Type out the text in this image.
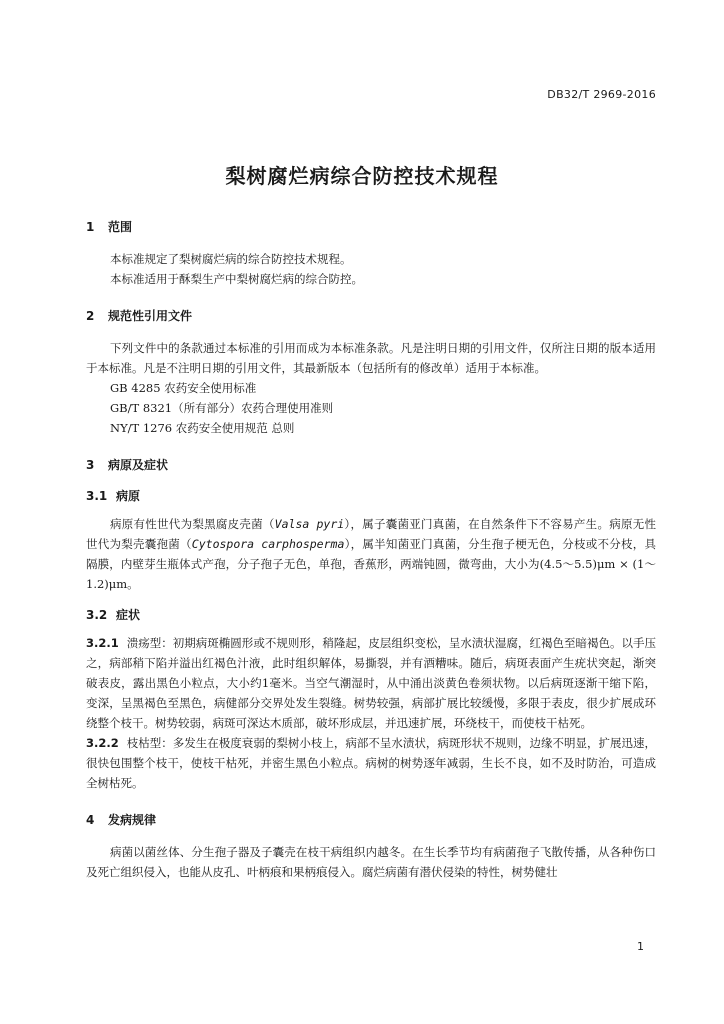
DB32/T 2969-2016
梨树腐烂病综合防控技术规程
1 范围

本标准规定了梨树腐烂病的综合防控技术规程。

本标准适用于酥梨生产中梨树腐烂病的综合防控。

2 规范性引用文件

下列文件中的条款通过本标准的引用而成为本标准条款。凡是注明日期的引用文件，仅所注日期的版本适用于本标准。凡是不注明日期的引用文件，其最新版本（包括所有的修改单）适用于本标准。

GB 4285 农药安全使用标准

GB/T 8321（所有部分）农药合理使用准则

NY/T 1276 农药安全使用规范 总则

3 病原及症状
3.1 病原

病原有性世代为梨黑腐皮壳菌（Valsa pyri），属子囊菌亚门真菌，在自然条件下不容易产生。病原无性世代为梨壳囊孢菌（Cytospora carphosperma），属半知菌亚门真菌，分生孢子梗无色，分枝或不分枝，具隔膜，内壁芽生瓶体式产孢，分子孢子无色，单孢，香蕉形，两端钝圆，微弯曲，大小为(4.5～5.5)μm × (1～1.2)μm。

3.2 症状

3.2.1 溃疡型：初期病斑椭圆形或不规则形，稍隆起，皮层组织变松，呈水渍状湿腐，红褐色至暗褐色。以手压之，病部稍下陷并溢出红褐色汁液，此时组织解体，易撕裂，并有酒糟味。随后，病斑表面产生疣状突起，渐突破表皮，露出黑色小粒点，大小约1毫米。当空气潮湿时，从中涌出淡黄色卷须状物。以后病斑逐渐干缩下陷，变深，呈黑褐色至黑色，病健部分交界处发生裂缝。树势较强，病部扩展比较缓慢，多限于表皮，很少扩展成环绕整个枝干。树势较弱，病斑可深达木质部，破坏形成层，并迅速扩展，环绕枝干，而使枝干枯死。

3.2.2 枝枯型：多发生在极度衰弱的梨树小枝上，病部不呈水渍状，病斑形状不规则，边缘不明显，扩展迅速，很快包围整个枝干，使枝干枯死，并密生黑色小粒点。病树的树势逐年减弱，生长不良，如不及时防治，可造成全树枯死。

4 发病规律

病菌以菌丝体、分生孢子器及子囊壳在枝干病组织内越冬。在生长季节均有病菌孢子飞散传播，从各种伤口及死亡组织侵入，也能从皮孔、叶柄痕和果柄痕侵入。腐烂病菌有潜伏侵染的特性，树势健壮

1
